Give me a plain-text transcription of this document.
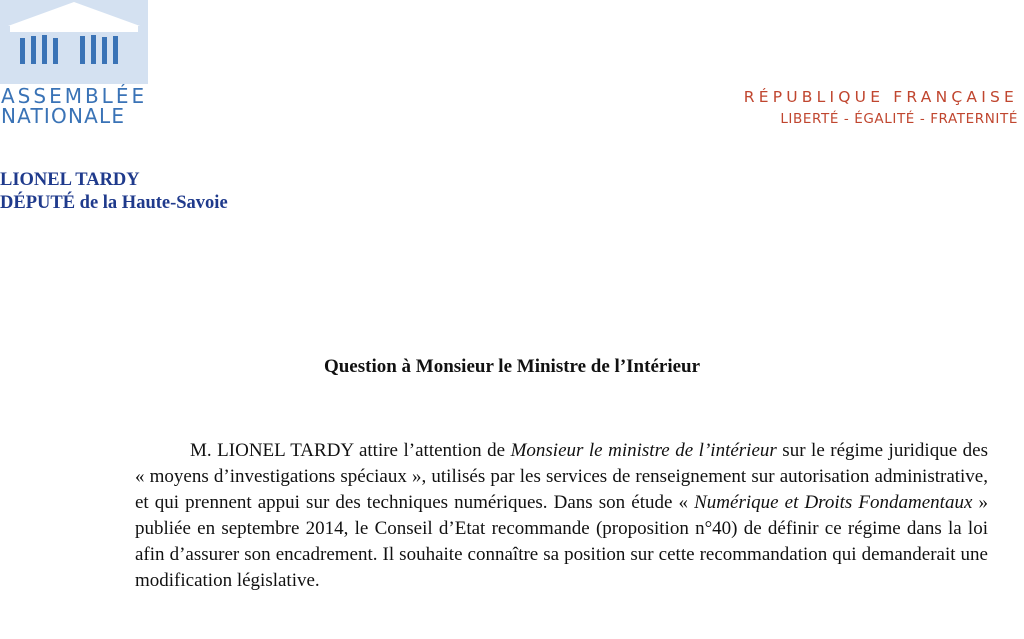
ASSEMBLÉE
NATIONALE
RÉPUBLIQUE FRANÇAISE
LIBERTÉ - ÉGALITÉ - FRATERNITÉ
LIONEL TARDY
DÉPUTÉ de la Haute-Savoie
Question à Monsieur le Ministre de l’Intérieur
M. LIONEL TARDY attire l’attention de Monsieur le ministre de l’intérieur sur le régime juridique des « moyens d’investigations spéciaux », utilisés par les services de renseignement sur autorisation administrative, et qui prennent appui sur des techniques numériques. Dans son étude « Numérique et Droits Fondamentaux » publiée en septembre 2014, le Conseil d’Etat recommande (proposition n°40) de définir ce régime dans la loi afin d’assurer son encadrement. Il souhaite connaître sa position sur cette recommandation qui demanderait une modification législative.
